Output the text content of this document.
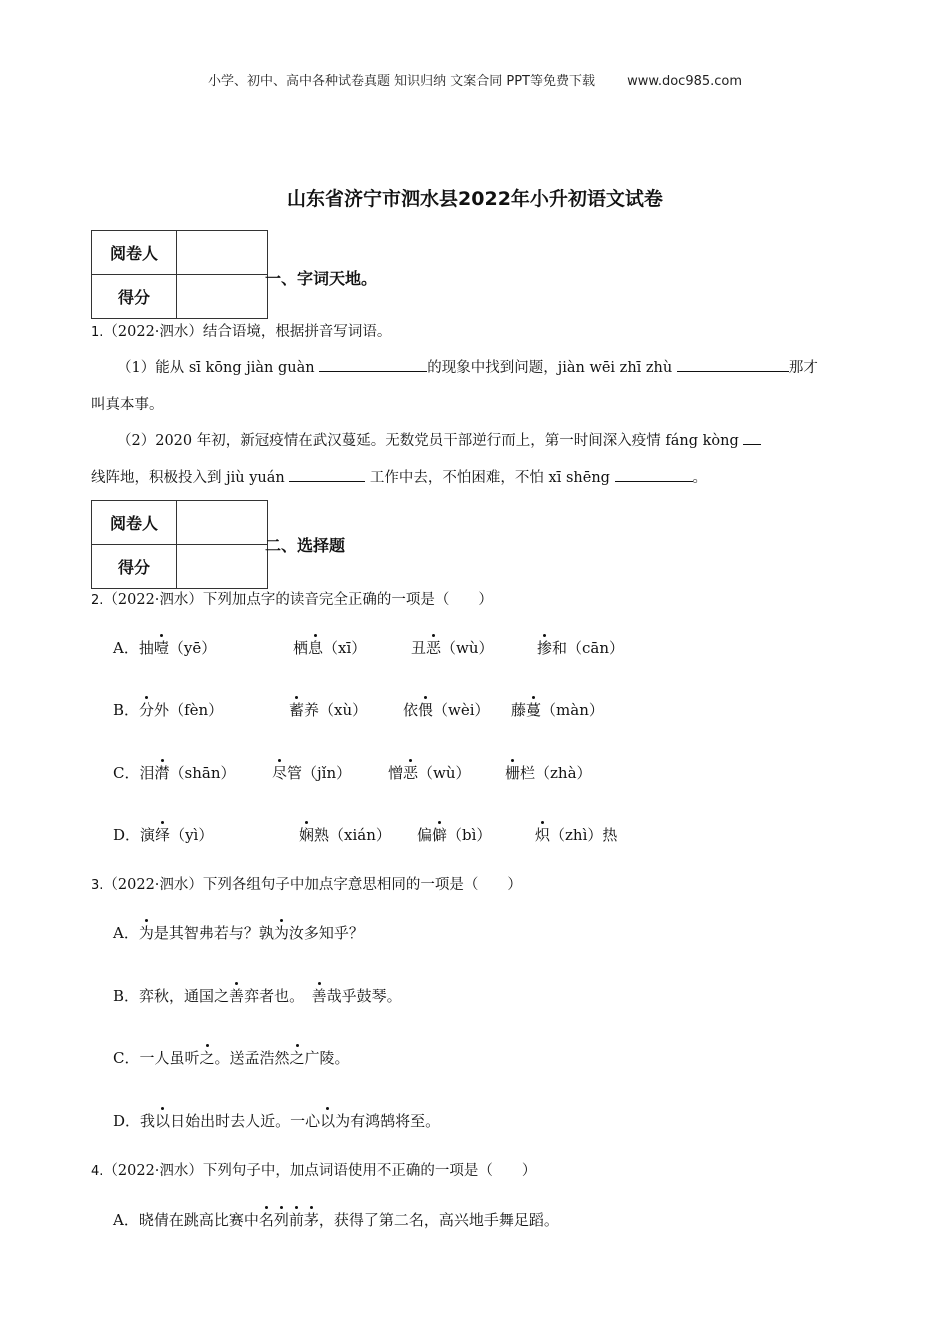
小学、初中、高中各种试卷真题 知识归纳 文案合同 PPT等免费下载 www.doc985.com
山东省济宁市泗水县2022年小升初语文试卷
阅卷人	
得分	
一、字词天地。
1.（2022·泗水）结合语境，根据拼音写词语。
（1）能从 sī kōng jiàn guàn	的现象中找到问题，jiàn wēi zhī zhù	那才
叫真本事。
（2）2020 年初，新冠疫情在武汉蔓延。无数党员干部逆行而上，第一时间深入疫情 fáng kòng
线阵地，积极投入到 jiù yuán	工作中去，不怕困难，不怕 xī shēng	。
阅卷人	
得分	
二、选择题
2.（2022·泗水）下列加点字的读音完全正确的一项是（　　）
A．抽噎（yē）	栖息（xī）	丑恶（wù）	掺和（cān）
B．分外（fèn）	蓄养（xù） 依偎（wèi） 藤蔓（màn）
C．泪潸（shān） 尽管（jǐn） 憎恶（wù） 栅栏（zhà）
D．演绎（yì）	娴熟（xián） 偏僻（bì）	炽（zhì）热
3.（2022·泗水）下列各组句子中加点字意思相同的一项是（　　）
A．为是其智弗若与？孰为汝多知乎？
B．弈秋，通国之善弈者也。　善哉乎鼓琴。
C．一人虽听之。送孟浩然之广陵。
D．我以日始出时去人近。一心以为有鸿鹄将至。
4.（2022·泗水）下列句子中，加点词语使用不正确的一项是（　　）
A．晓倩在跳高比赛中名列前茅，获得了第二名，高兴地手舞足蹈。
